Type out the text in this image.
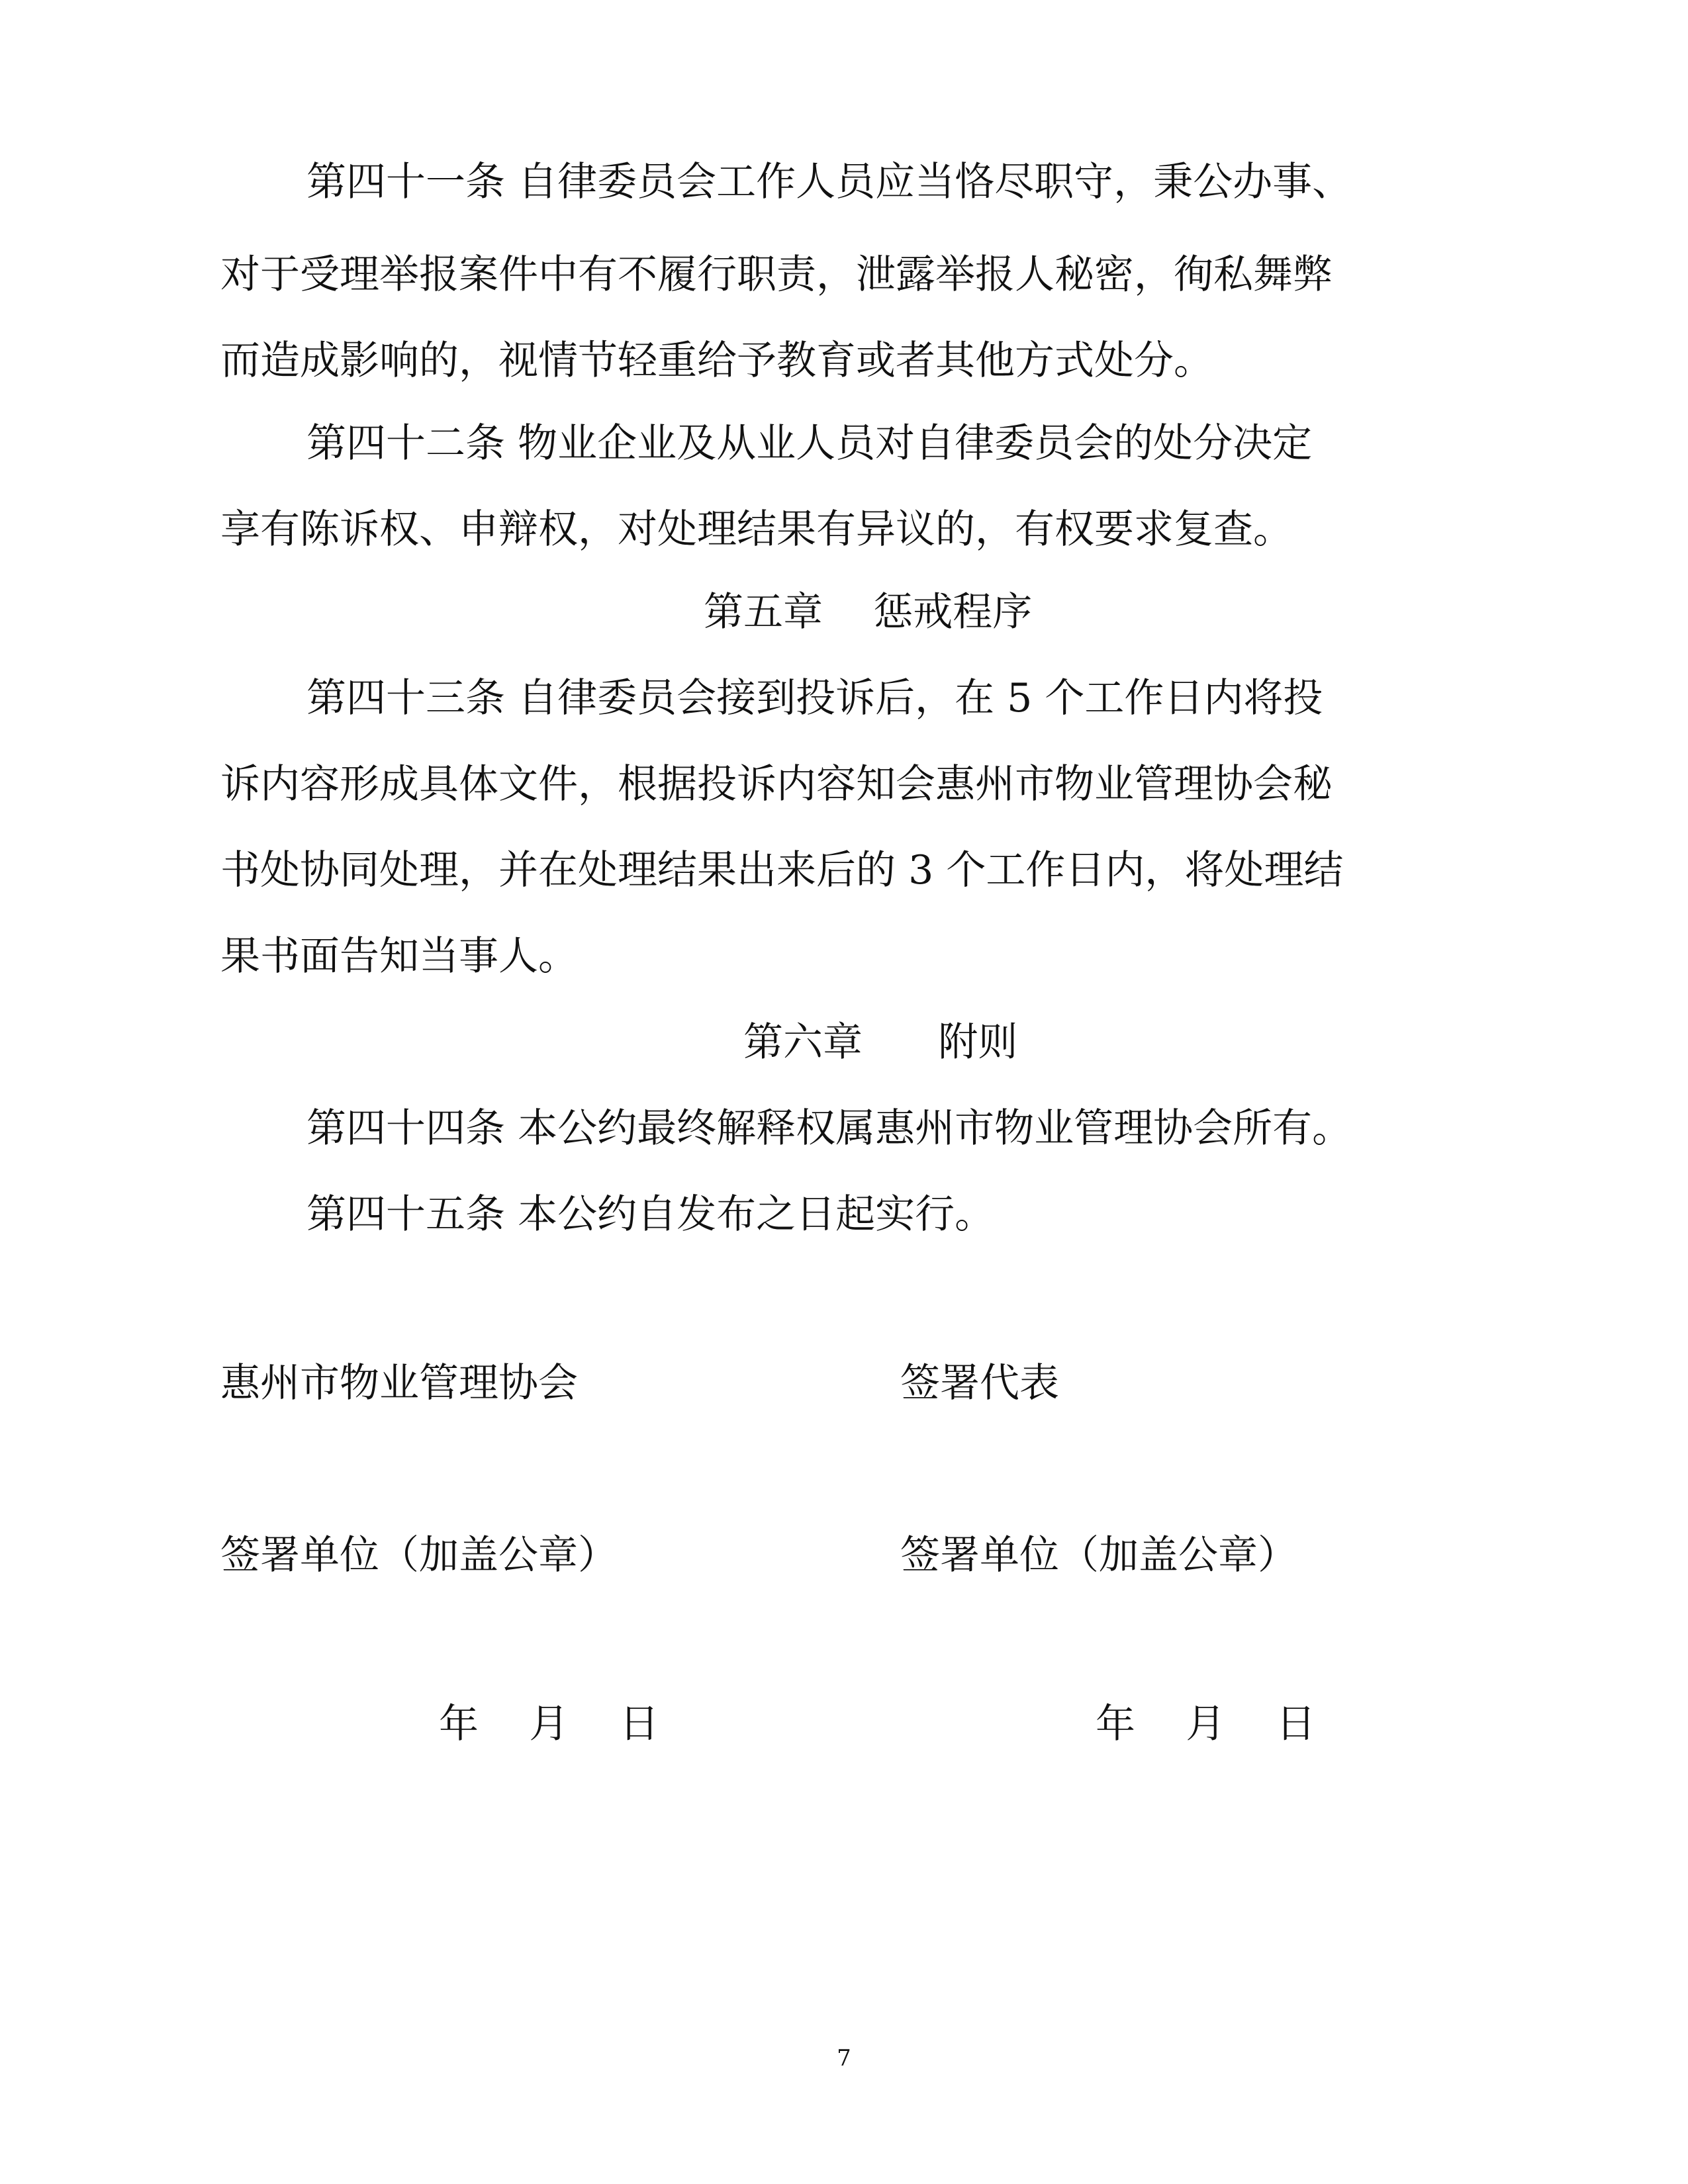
第四十一条 自律委员会工作人员应当恪尽职守，秉公办事、
对于受理举报案件中有不履行职责，泄露举报人秘密，徇私舞弊
而造成影响的，视情节轻重给予教育或者其他方式处分。
第四十二条 物业企业及从业人员对自律委员会的处分决定
享有陈诉权、申辩权，对处理结果有异议的，有权要求复查。
第五章    惩戒程序
第四十三条 自律委员会接到投诉后，在 5 个工作日内将投
诉内容形成具体文件，根据投诉内容知会惠州市物业管理协会秘
书处协同处理，并在处理结果出来后的 3 个工作日内，将处理结
果书面告知当事人。
第六章      附则
第四十四条 本公约最终解释权属惠州市物业管理协会所有。
第四十五条 本公约自发布之日起实行。
惠州市物业管理协会	签署代表
签署单位（加盖公章）	签署单位（加盖公章）
年    月    日	年    月    日
7
